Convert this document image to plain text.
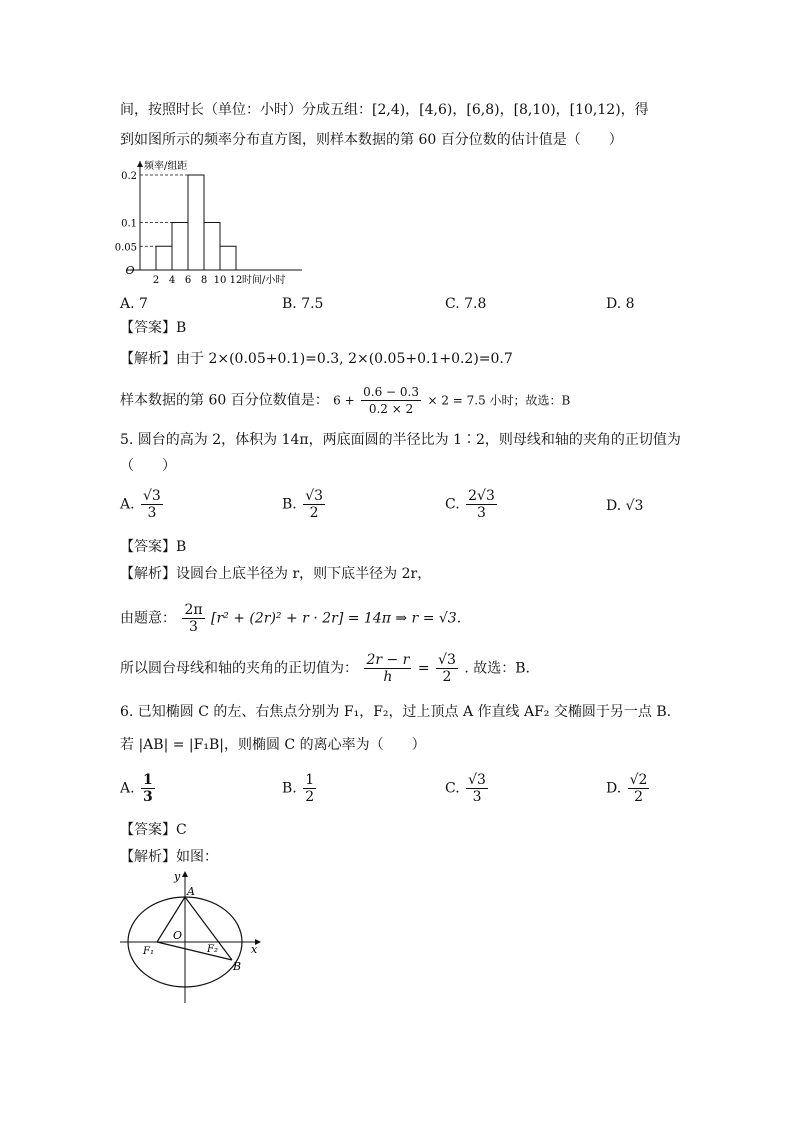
间，按照时长（单位：小时）分成五组：[2,4)，[4,6)，[6,8)，[8,10)，[10,12)，得
到如图所示的频率分布直方图，则样本数据的第 60 百分位数的估计值是（　　）
0.2
0.1
0.05
2 4 6 8 10 12
O
频率/组距
时间/小时
A. 7	B. 7.5	C. 7.8	D. 8
【答案】B
【解析】由于 2×(0.05+0.1)=0.3, 2×(0.05+0.1+0.2)=0.7
样本数据的第 60 百分位数值是： $6 + \frac{0.6 - 0.3}{0.2 \times 2} \times 2 = 7.5$ 小时；故选：B
5. 圆台的高为 2，体积为 14π，两底面圆的半径比为 1∶2，则母线和轴的夹角的正切值为
（　　）
A. $\frac{√3}{3}$	B. $\frac{√3}{2}$	C. $\frac{2√3}{3}$	D. √3
【答案】B
【解析】设圆台上底半径为 r，则下底半径为 2r，
由题意： $\frac{2\pi}{3} [r^2 + (2r)^2 + r \cdot 2r] = 14\pi$ ⇒ r = √3.
所以圆台母线和轴的夹角的正切值为： $\frac{2r - r}{h} = \frac{√3}{2}$ . 故选：B.
6. 已知椭圆 C 的左、右焦点分别为 F₁，F₂，过上顶点 A 作直线 AF₂ 交椭圆于另一点 B.
若 |AB| = |F₁B|，则椭圆 C 的离心率为（　　）
A. $\frac{1}{3}$	B. $\frac{1}{2}$	C. $\frac{√3}{3}$	D. $\frac{√2}{2}$
【答案】C
【解析】如图：
y
A
O
F₁	F₂	x
B
